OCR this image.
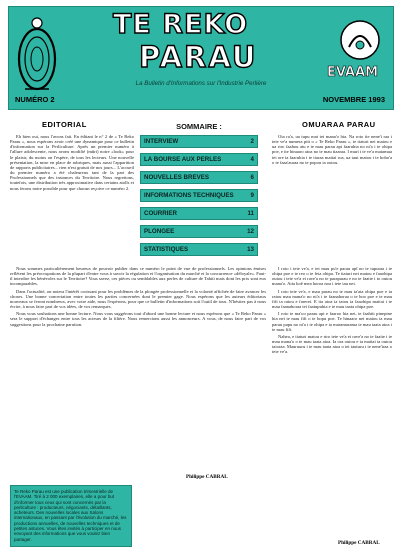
TE REKO
PARAU
La Bulletin d'Informations sur l'Industrie Perlière
EVAAM
NUMÉRO 2	NOVEMBRE 1993
EDITORIAL

Eh bien oui, nous l'avons fait. En éditant le n° 2 de « Te Reko Parau », nous espérons avoir créé une dynamique pour ce bulletin d'information sur la Perliculture. Après un premier numéro à l'allure adolescente, nous avons modifié (mûri) notre «look» pour le plaisir, du moins on l'espère, de tous les lecteurs. Une nouvelle présentation, la mise en place de rubriques, mais aussi l'apparition de rapports publicitaires... rien n'est gratuit de nos jours... L'accueil du premier numéro a été chaleureux tant de la part des Professionnels que des instances du Territoire. Nous regrettons, toutefois, une distribution très approximative dans certains atolls et nous ferons notre possible pour que chacun reçoive ce numéro 2.

Nous sommes particulièrement heureux de pouvoir publier dans ce numéro le point de vue de professionnels. Les opinions émises reflètent les préoccupations de la plupart d'entre vous à savoir la régulation et l'organisation du marché et la concurrence «déloyale». Faut-il interdire les bénévoles sur le Territoire? Vous savez, ces pièces ou semblables aux perles de culture de Tahiti mais dont les prix sont eux incomparables.

Dans l'actualité, on notera l'intérêt croissant pour les problèmes de la plongée professionnelle et la volonté affichée de faire avancer les choses. Une bonne concertation entre toutes les parties concernées dont le premier gage. Nous espérons que les auteurs éditoriaux nouveaux se feront nombreux, avec votre aide, nous l'espérons, pour que ce bulletin d'informations soit l'outil de tous. N'hésitez pas à nous écrire, à nous faire part de vos idées, de vos remarques.

Nous vous souhaitons une bonne lecture. Nous vous suggérons tout d'abord une bonne lecture et nous espérons que « Te Reko Parau » sera le support d'échanges entre tous les acteurs de la filière. Nous remercions aussi les annonceurs. A vous, de nous faire part de vos suggestions pour la prochaine parution.

Philippe CABRAL
SOMMAIRE :
INTERVIEW	2
LA BOURSE AUX PERLES	4
NOUVELLES BREVES	6
INFORMATIONS TECHNIQUES	9
COURRIER	11
PLONGEE	12
STATISTIQUES	13
OMUARAA PARAU

Oia ra'a, ua tupu mai tei mana'o hia. Na roto ite nene'i raa i teie ve'a numera piti o « Te Reko Parau », te tiaturi nei matou e ua riro faahou atu e te mau parau api faaruhia no ni'a i te ohipa poe, e ite hinaaro atoa no te mau tiaaraa. I muri i te ve'a matamua tei ore ia faaruhia i te tiaraa maitai roa, ua taui matou i te hoho'a o te faaa'auraa no te popou ia outou.

I roto i teie ve'a, e tei mau pu'e parau apî no te tupuraa i te ohipa poe e te reo o te feia ohipa. Te tiaturi nei matou e faaohipa outou i teie ve'a ei rave'a no te paraparau e no te faaite i to outou mana'o. Aita hoê mea horoa noa i teie tau nei.

I roto teie ve'a, e mau parau no te mau ta'ata ohipa poe e ta ratou mau mana'o no ni'a i te faanahoraa o te hoo poe e te mau fifi ta ratou e farerei. E tia atoa ia tatou ia faaohipa maitai i te mau faanahoraa tei faatupuhia e te mau taata ohipa poe.

I roto te ma'oo parau api e faaroo hia nei, te faahiti pinepine hia nei te mau fifi o te hopu poe. Te hinaaro nei matou ia mau parau papu no ni'a i te ohipa e ia maramarama te mau taata atoa i te mau fifi.

Nahea, e tiaturi matou e riro teie ve'a ei rave'a no te faaite i te mau mana'o o te mau taata atoa. Ia ora outou e ia maitai ta outou taioraa. Mauruuru i te mau taata atoa o tei tauturu i te nene'iraa o teie ve'a.

Philippe CABRAL
Te Reko Parau est une publication trimestrielle de l'EVAAM. Tiré à 2 000 exemplaires, elle a pour but d'informer tous ceux qui sont concernés par la perliculture : producteurs, négociants, détaillants, acheteurs. Des nouvelles locales aux Salons internationaux, en passant par l'évolution du marché, les productions annuelles, de nouvelles techniques et de petites astuces. Vous êtes invités à participer en nous envoyant des informations que vous voulez bien partager.
